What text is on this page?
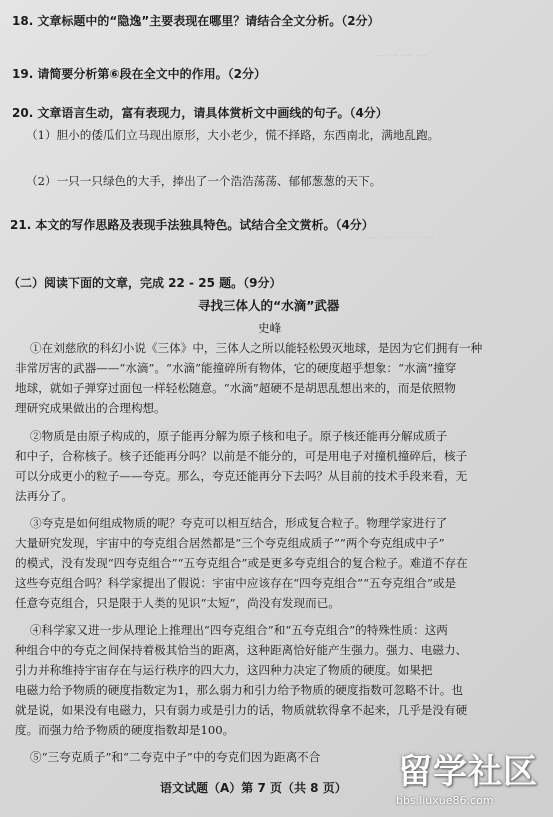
一 一 一 一
一 一 一 一 一
18. 文章标题中的“隐逸”主要表现在哪里？请结合全文分析。（2分）
19. 请简要分析第⑥段在全文中的作用。（2分）
20. 文章语言生动，富有表现力，请具体赏析文中画线的句子。（4分）
（1）胆小的倭瓜们立马现出原形，大小老少，慌不择路，东西南北，满地乱跑。
（2）一只一只绿色的大手，捧出了一个浩浩荡荡、郁郁葱葱的天下。
21. 本文的写作思路及表现手法独具特色。试结合全文赏析。（4分）
（二）阅读下面的文章，完成 22 - 25 题。（9分）
寻找三体人的“水滴”武器
史峰
①在刘慈欣的科幻小说《三体》中，三体人之所以能轻松毁灭地球，是因为它们拥有一种
非常厉害的武器——“水滴”。“水滴”能撞碎所有物体，它的硬度超乎想象：“水滴”撞穿
地球，就如子弹穿过面包一样轻松随意。“水滴”超硬不是胡思乱想出来的，而是依照物
理研究成果做出的合理构想。
②物质是由原子构成的，原子能再分解为原子核和电子。原子核还能再分解成质子
和中子，合称核子。核子还能再分吗？以前是不能分的，可是用电子对撞机撞碎后，核子
可以分成更小的粒子——夸克。那么，夸克还能再分下去吗？从目前的技术手段来看，无
法再分了。
③夸克是如何组成物质的呢？夸克可以相互结合，形成复合粒子。物理学家进行了
大量研究发现，宇宙中的夸克组合居然都是“三个夸克组成质子”“两个夸克组成中子”
的模式，没有发现“四夸克组合”“五夸克组合”或是更多夸克组合的复合粒子。难道不存在
这些夸克组合吗？科学家提出了假说：宇宙中应该存在“四夸克组合”“五夸克组合”或是
任意夸克组合，只是限于人类的见识“太短”，尚没有发现而已。
④科学家又进一步从理论上推理出“四夸克组合”和“五夸克组合”的特殊性质：这两
种组合中的夸克之间保持着极其恰当的距离，这种距离恰好能产生强力。强力、电磁力、
引力并称维持宇宙存在与运行秩序的四大力，这四种力决定了物质的硬度。如果把
电磁力给予物质的硬度指数定为1，那么弱力和引力给予物质的硬度指数可忽略不计。也
就是说，如果没有电磁力，只有弱力或是引力的话，物质就软得拿不起来，几乎是没有硬
度。而强力给予物质的硬度指数却是100。
⑤“三夸克质子”和“二夸克中子”中的夸克们因为距离不合
语文试题（A）第 7 页（共 8 页） 留学社区
bbs.liuxue86.com
